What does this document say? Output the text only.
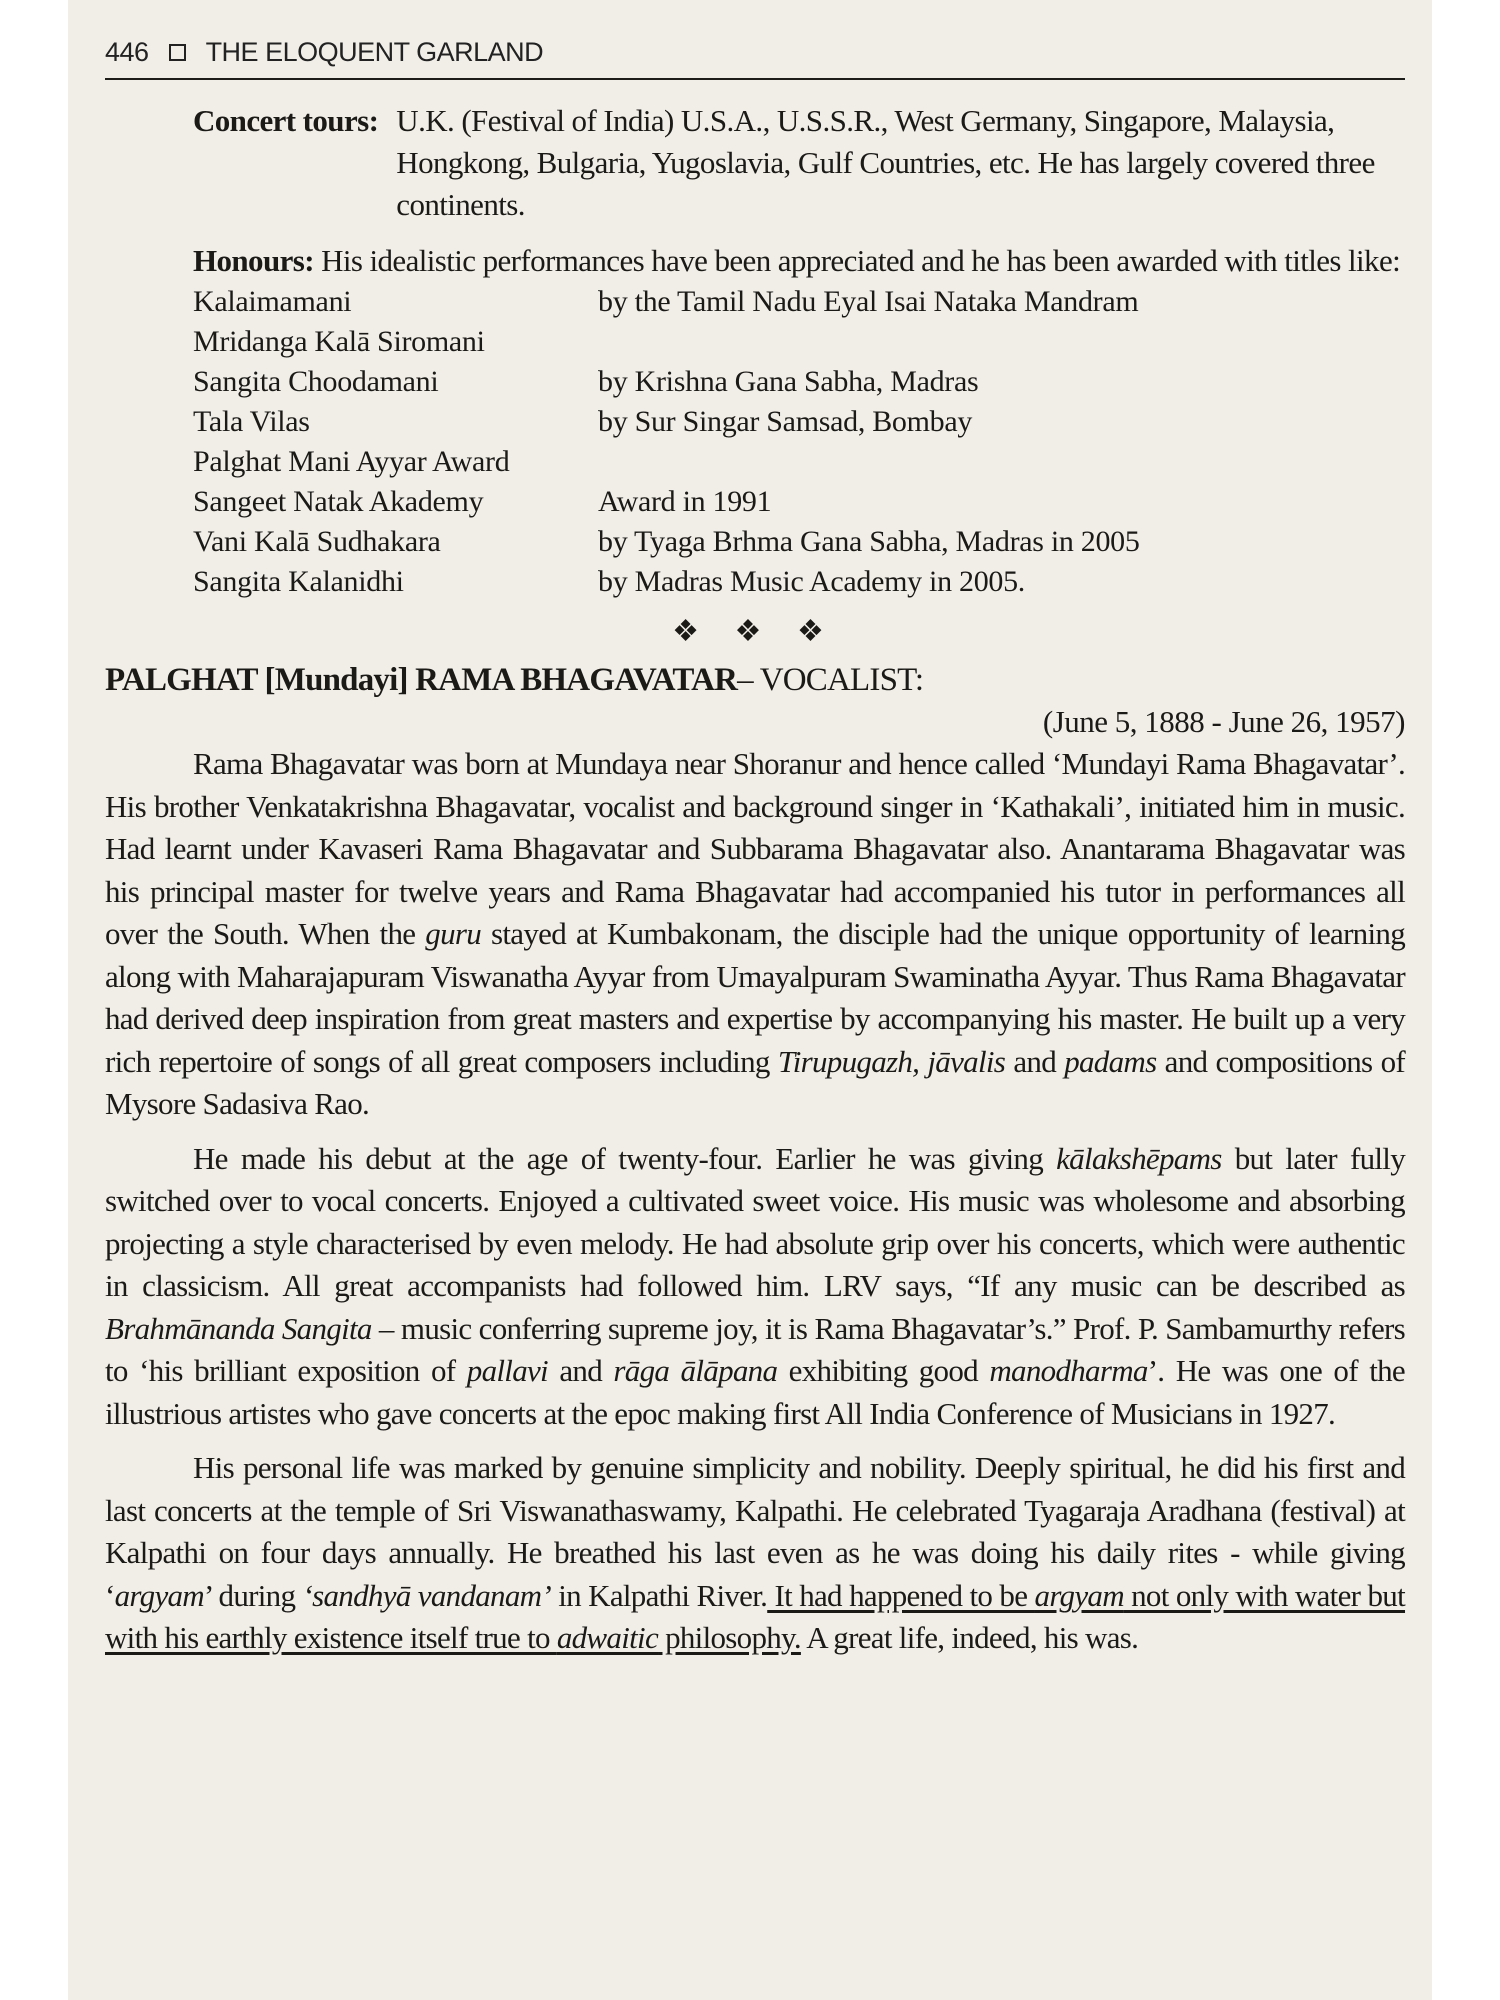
446 THE ELOQUENT GARLAND
Concert tours: U.K. (Festival of India) U.S.A., U.S.S.R., West Germany, Singapore, Malaysia, Hongkong, Bulgaria, Yugoslavia, Gulf Countries, etc. He has largely covered three continents.
Honours: His idealistic performances have been appreciated and he has been awarded with titles like:
Kalaimamani	by the Tamil Nadu Eyal Isai Nataka Mandram
Mridanga Kalā Siromani
Sangita Choodamani	by Krishna Gana Sabha, Madras
Tala Vilas	by Sur Singar Samsad, Bombay
Palghat Mani Ayyar Award
Sangeet Natak Akademy	Award in 1991
Vani Kalā Sudhakara	by Tyaga Brhma Gana Sabha, Madras in 2005
Sangita Kalanidhi	by Madras Music Academy in 2005.
❖ ❖ ❖
PALGHAT [Mundayi] RAMA BHAGAVATAR– VOCALIST:
(June 5, 1888 - June 26, 1957)

Rama Bhagavatar was born at Mundaya near Shoranur and hence called ‘Mundayi Rama Bhagavatar’. His brother Venkatakrishna Bhagavatar, vocalist and background singer in ‘Kathakali’, initiated him in music. Had learnt under Kavaseri Rama Bhagavatar and Subbarama Bhagavatar also. Anantarama Bhagavatar was his principal master for twelve years and Rama Bhagavatar had accompanied his tutor in performances all over the South. When the guru stayed at Kumbakonam, the disciple had the unique opportunity of learning along with Maharajapuram Viswanatha Ayyar from Umayalpuram Swaminatha Ayyar. Thus Rama Bhagavatar had derived deep inspiration from great masters and expertise by accompanying his master. He built up a very rich repertoire of songs of all great composers including Tirupugazh, jāvalis and padams and compositions of Mysore Sadasiva Rao.

He made his debut at the age of twenty-four. Earlier he was giving kālakshēpams but later fully switched over to vocal concerts. Enjoyed a cultivated sweet voice. His music was wholesome and absorbing projecting a style characterised by even melody. He had absolute grip over his concerts, which were authentic in classicism. All great accompanists had followed him. LRV says, “If any music can be described as Brahmānanda Sangita – music conferring supreme joy, it is Rama Bhagavatar’s.” Prof. P. Sambamurthy refers to ‘his brilliant exposition of pallavi and rāga ālāpana exhibiting good manodharma’. He was one of the illustrious artistes who gave concerts at the epoc making first All India Conference of Musicians in 1927.

His personal life was marked by genuine simplicity and nobility. Deeply spiritual, he did his first and last concerts at the temple of Sri Viswanathaswamy, Kalpathi. He celebrated Tyagaraja Aradhana (festival) at Kalpathi on four days annually. He breathed his last even as he was doing his daily rites - while giving ‘argyam’ during ‘sandhyā vandanam’ in Kalpathi River. It had happened to be argyam not only with water but with his earthly existence itself true to adwaitic philosophy. A great life, indeed, his was.
